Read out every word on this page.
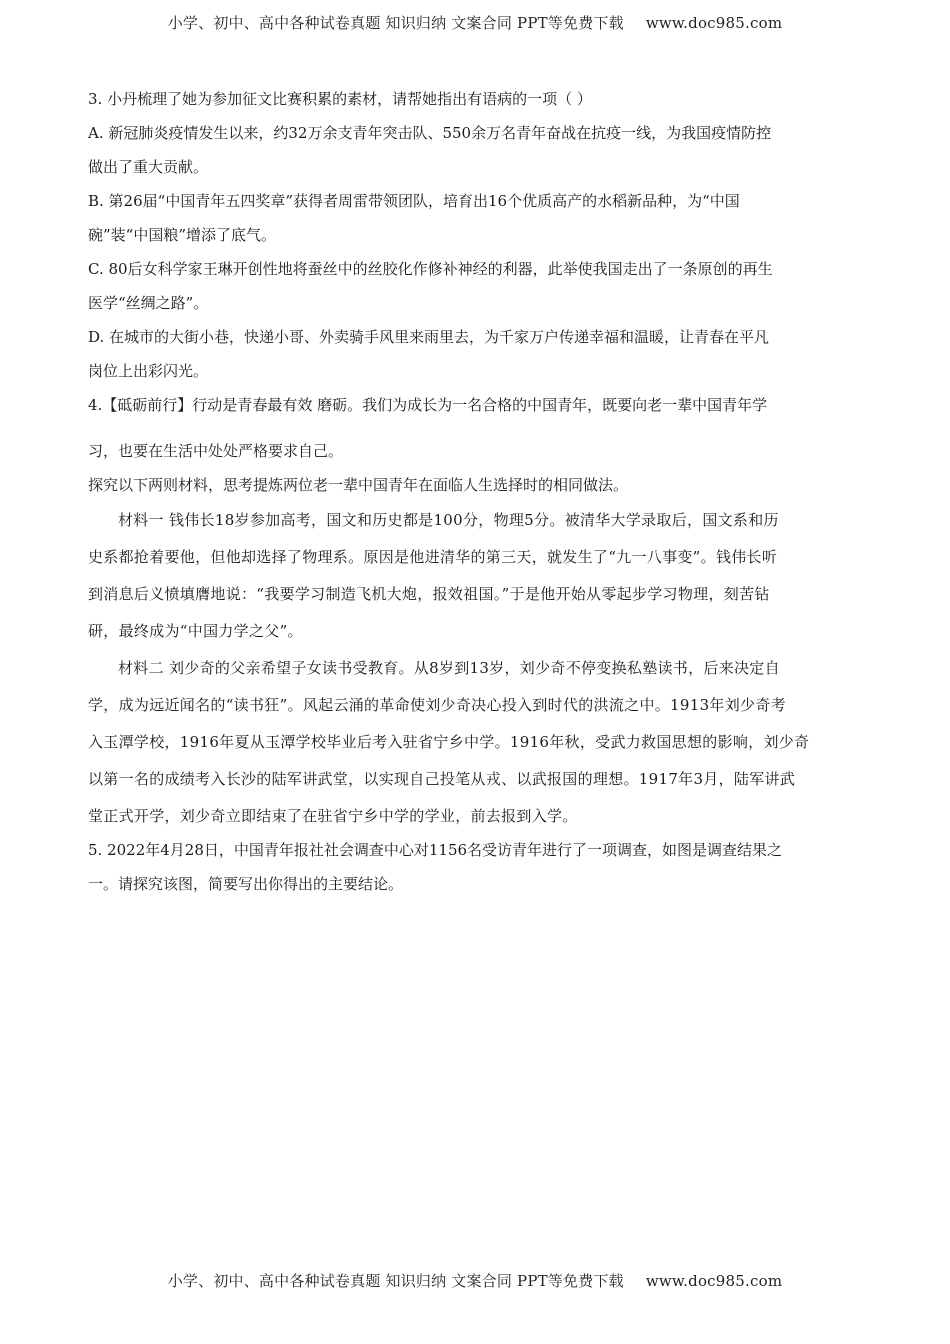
小学、初中、高中各种试卷真题 知识归纳 文案合同 PPT等免费下载 www.doc985.com
3. 小丹梳理了她为参加征文比赛积累的素材，请帮她指出有语病的一项（ ）
A. 新冠肺炎疫情发生以来，约32万余支青年突击队、550余万名青年奋战在抗疫一线，为我国疫情防控
做出了重大贡献。
B. 第26届“中国青年五四奖章”获得者周雷带领团队，培育出16个优质高产的水稻新品种，为“中国
碗”装“中国粮”增添了底气。
C. 80后女科学家王琳开创性地将蚕丝中的丝胶化作修补神经的利器，此举使我国走出了一条原创的再生
医学“丝绸之路”。
D. 在城市的大街小巷，快递小哥、外卖骑手风里来雨里去，为千家万户传递幸福和温暖，让青春在平凡
岗位上出彩闪光。
4.【砥砺前行】行动是青春最有效 磨砺。我们为成长为一名合格的中国青年，既要向老一辈中国青年学
习，也要在生活中处处严格要求自己。
探究以下两则材料，思考提炼两位老一辈中国青年在面临人生选择时的相同做法。
材料一 钱伟长18岁参加高考，国文和历史都是100分，物理5分。被清华大学录取后，国文系和历
史系都抢着要他，但他却选择了物理系。原因是他进清华的第三天，就发生了“九一八事变”。钱伟长听
到消息后义愤填膺地说：“我要学习制造飞机大炮，报效祖国。”于是他开始从零起步学习物理，刻苦钻
研，最终成为“中国力学之父”。
材料二 刘少奇的父亲希望子女读书受教育。从8岁到13岁，刘少奇不停变换私塾读书，后来决定自
学，成为远近闻名的“读书狂”。风起云涌的革命使刘少奇决心投入到时代的洪流之中。1913年刘少奇考
入玉潭学校，1916年夏从玉潭学校毕业后考入驻省宁乡中学。1916年秋，受武力救国思想的影响，刘少奇
以第一名的成绩考入长沙的陆军讲武堂，以实现自己投笔从戎、以武报国的理想。1917年3月，陆军讲武
堂正式开学，刘少奇立即结束了在驻省宁乡中学的学业，前去报到入学。
5. 2022年4月28日，中国青年报社社会调查中心对1156名受访青年进行了一项调查，如图是调查结果之
一。请探究该图，简要写出你得出的主要结论。
小学、初中、高中各种试卷真题 知识归纳 文案合同 PPT等免费下载 www.doc985.com
